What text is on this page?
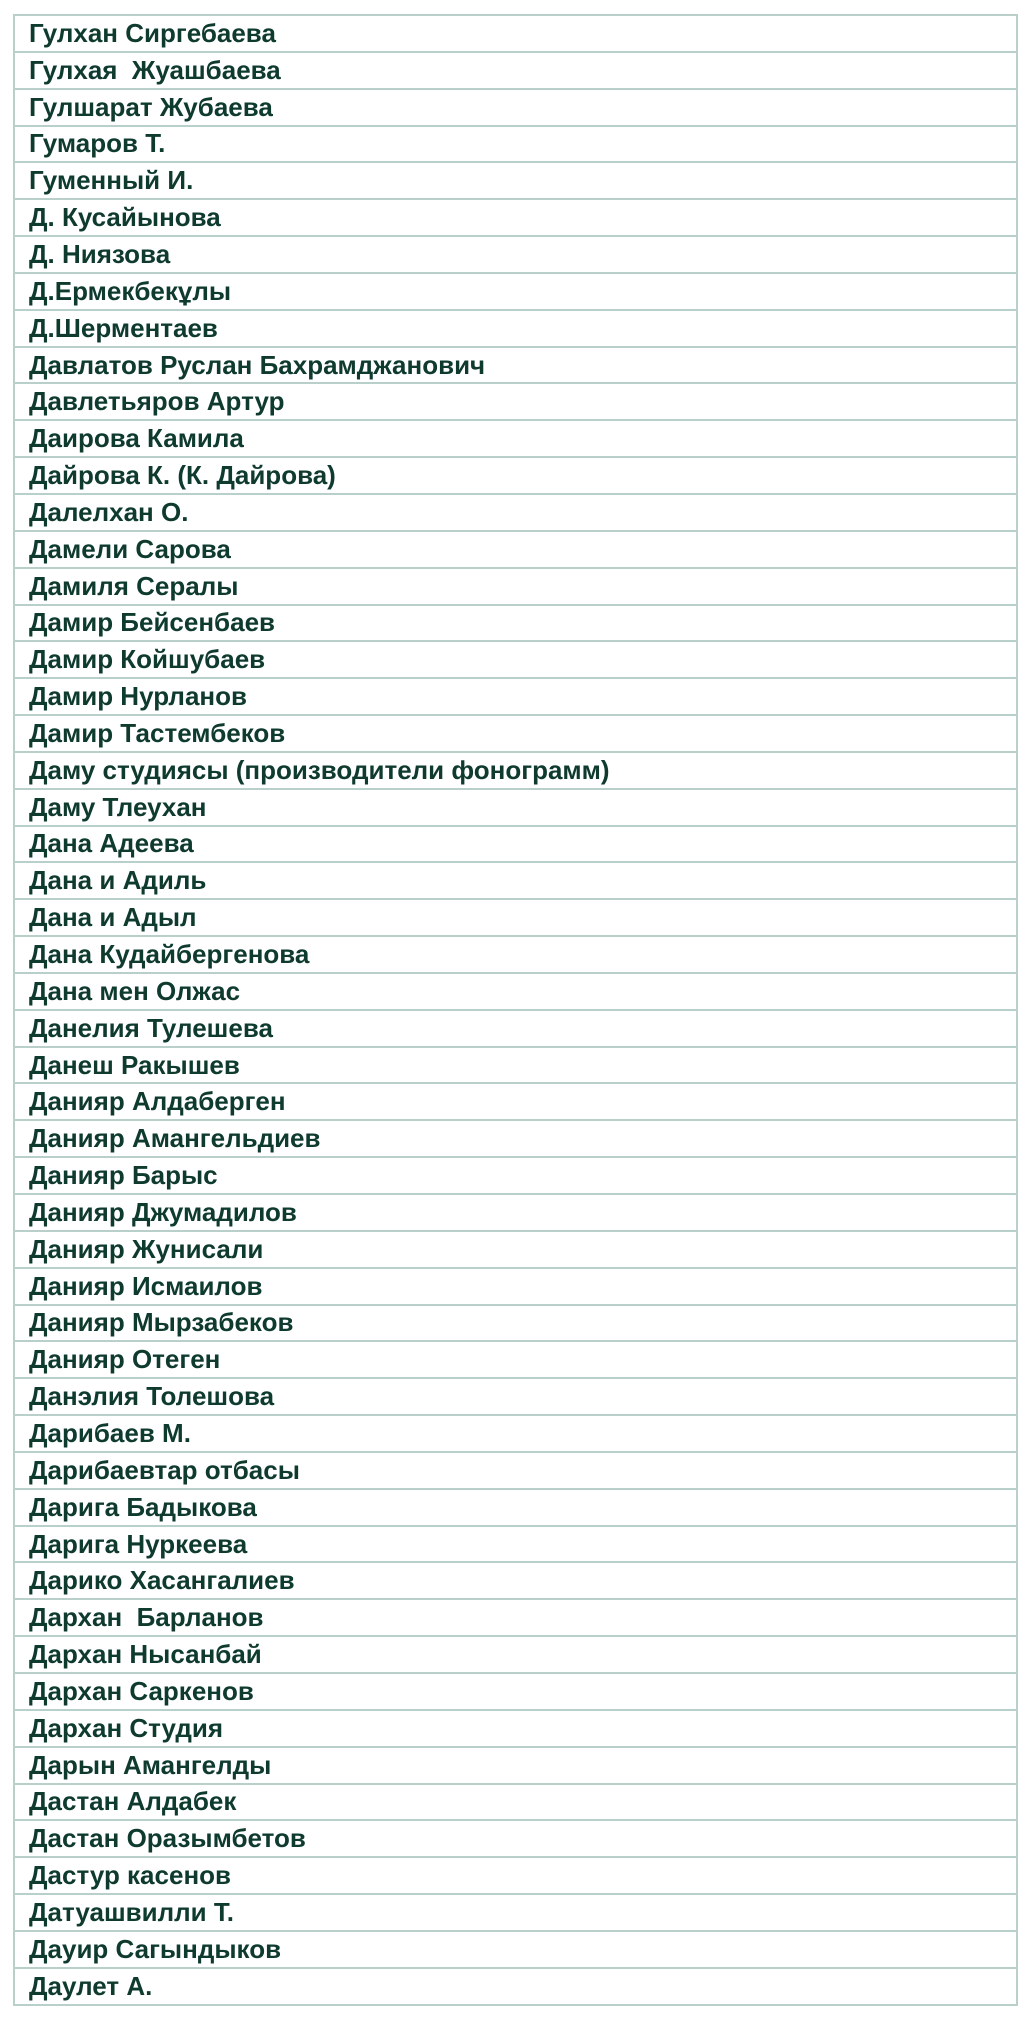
Гулхан Сиргебаева
Гулхая  Жуашбаева
Гулшарат Жубаева
Гумаров Т.
Гуменный И.
Д. Кусайынова
Д. Ниязова
Д.Ермекбекұлы
Д.Шерментаев
Давлатов Руслан Бахрамджанович
Давлетьяров Артур
Даирова Камила
Дайрова К. (К. Дайрова)
Далелхан О.
Дамели Сарова
Дамиля Сералы
Дамир Бейсенбаев
Дамир Койшубаев
Дамир Нурланов
Дамир Тастембеков
Даму студиясы (производители фонограмм)
Даму Тлеухан
Дана Адеева
Дана и Адиль
Дана и Адыл
Дана Кудайбергенова
Дана мен Олжас
Данелия Тулешева
Данеш Ракышев
Данияр Алдаберген
Данияр Амангельдиев
Данияр Барыс
Данияр Джумадилов
Данияр Жунисали
Данияр Исмаилов
Данияр Мырзабеков
Данияр Отеген
Данэлия Толешова
Дарибаев М.
Дарибаевтар отбасы
Дарига Бадыкова
Дарига Нуркеева
Дарико Хасангалиев
Дархан  Барланов
Дархан Нысанбай
Дархан Саркенов
Дархан Студия
Дарын Амангелды
Дастан Алдабек
Дастан Оразымбетов
Дастур касенов
Датуашвилли Т.
Дауир Сагындыков
Даулет А.
